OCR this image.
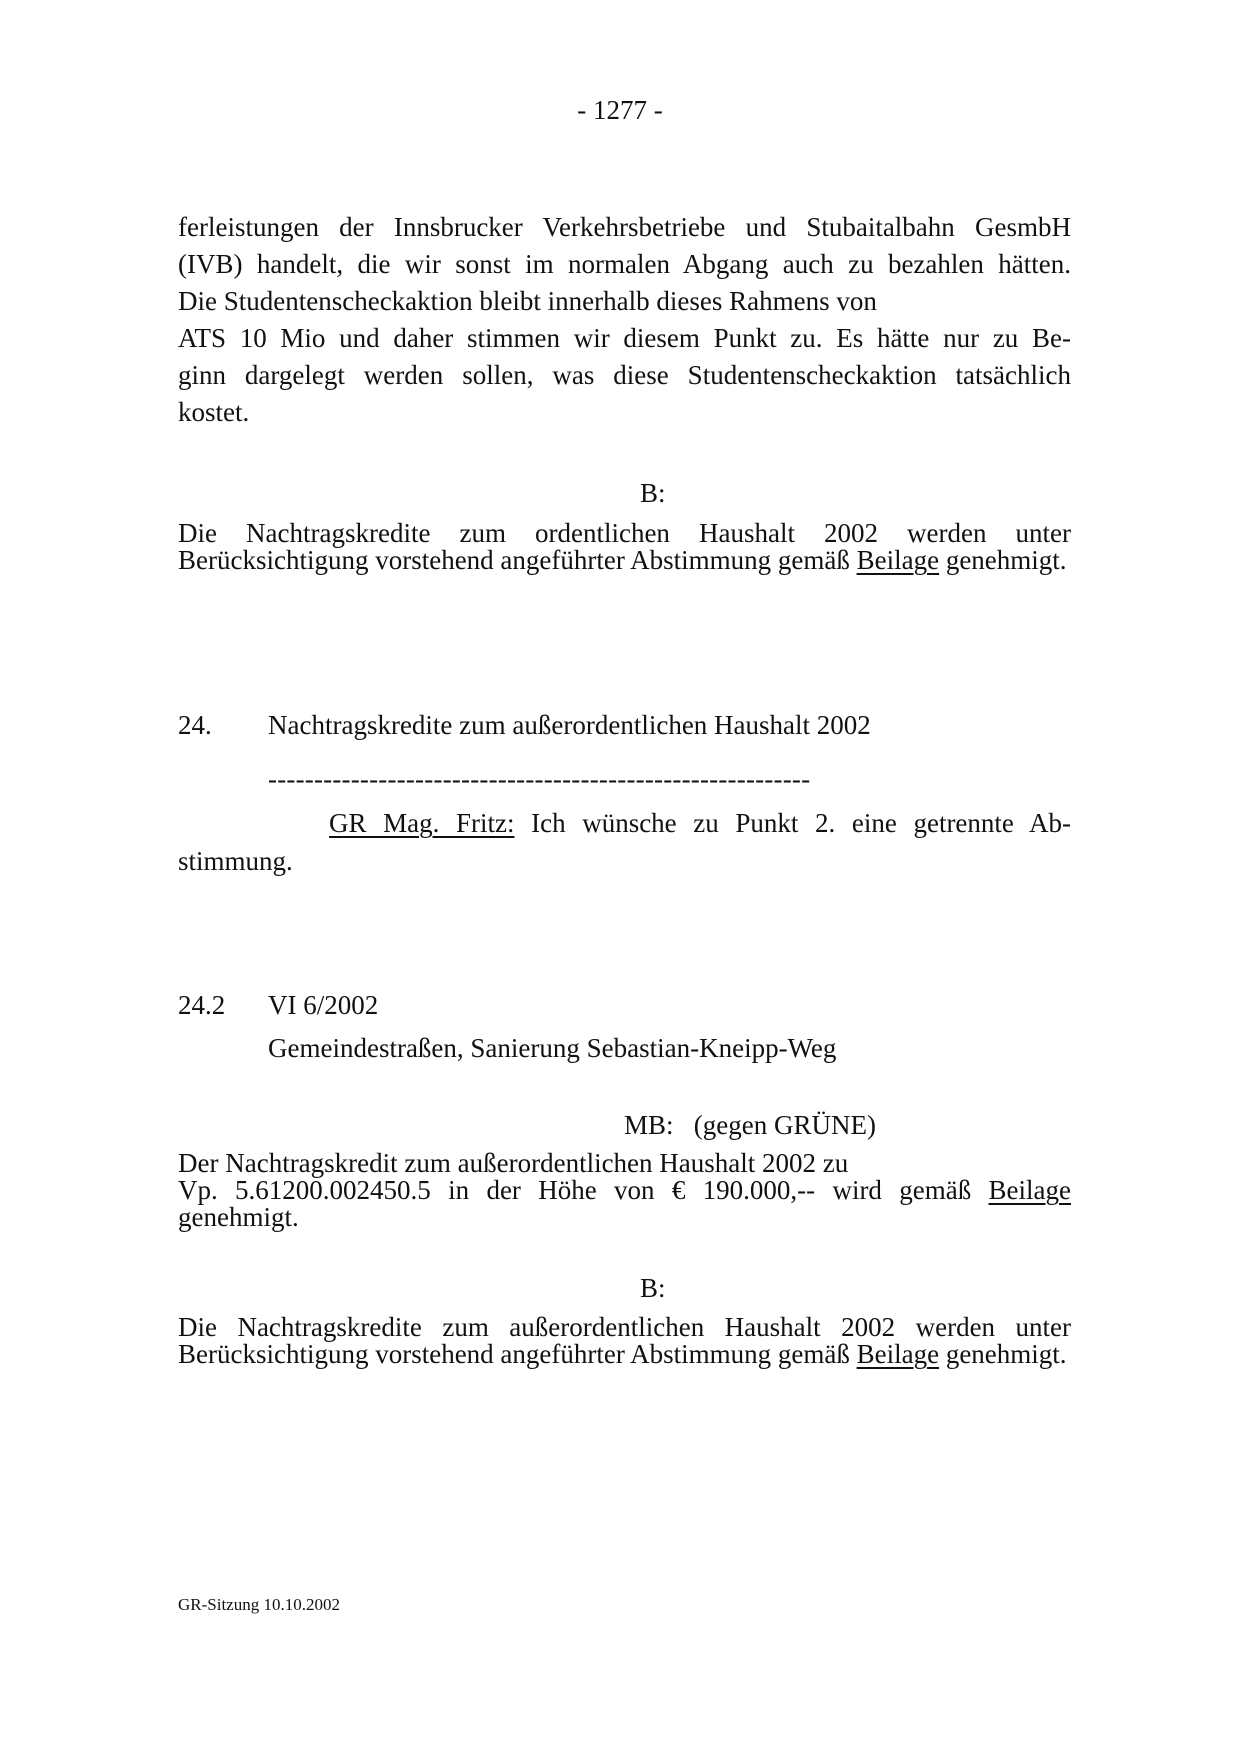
- 1277 -
ferleistungen der Innsbrucker Verkehrsbetriebe und Stubaitalbahn GesmbH
(IVB) handelt, die wir sonst im normalen Abgang auch zu bezahlen hätten.
Die Studentenscheckaktion bleibt innerhalb dieses Rahmens von
ATS 10 Mio und daher stimmen wir diesem Punkt zu. Es hätte nur zu Be-
ginn dargelegt werden sollen, was diese Studentenscheckaktion tatsächlich
kostet.
B:
Die Nachtragskredite zum ordentlichen Haushalt 2002 werden unter Berücksichtigung vorstehend angeführter Abstimmung gemäß Beilage genehmigt.
24. Nachtragskredite zum außerordentlichen Haushalt 2002
-----------------------------------------------------------
GR Mag. Fritz: Ich wünsche zu Punkt 2. eine getrennte Ab-
stimmung.
24.2 VI 6/2002
Gemeindestraßen, Sanierung Sebastian-Kneipp-Weg
MB: (gegen GRÜNE)
Der Nachtragskredit zum außerordentlichen Haushalt 2002 zu
Vp. 5.61200.002450.5 in der Höhe von € 190.000,-- wird gemäß Beilage
genehmigt.
B:
Die Nachtragskredite zum außerordentlichen Haushalt 2002 werden unter Berücksichtigung vorstehend angeführter Abstimmung gemäß Beilage genehmigt.
GR-Sitzung 10.10.2002
